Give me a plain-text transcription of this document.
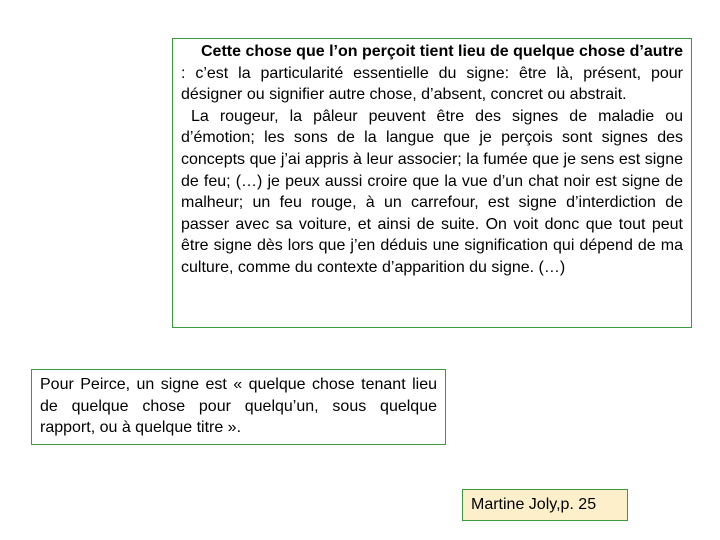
Cette chose que l’on perçoit tient lieu de quelque chose d’autre : c’est la particularité essentielle du signe: être là, présent, pour désigner ou signifier autre chose, d’absent, concret ou abstrait.

La rougeur, la pâleur peuvent être des signes de maladie ou d’émotion; les sons de la langue que je perçois sont signes des concepts que j’ai appris à leur associer; la fumée que je sens est signe de feu; (…) je peux aussi croire que la vue d’un chat noir est signe de malheur; un feu rouge, à un carrefour, est signe d’interdiction de passer avec sa voiture, et ainsi de suite. On voit donc que tout peut être signe dès lors que j’en déduis une signification qui dépend de ma culture, comme du contexte d’apparition du signe. (…)

Pour Peirce, un signe est « quelque chose tenant lieu de quelque chose pour quelqu’un, sous quelque rapport, ou à quelque titre ».

Martine Joly,p. 25
